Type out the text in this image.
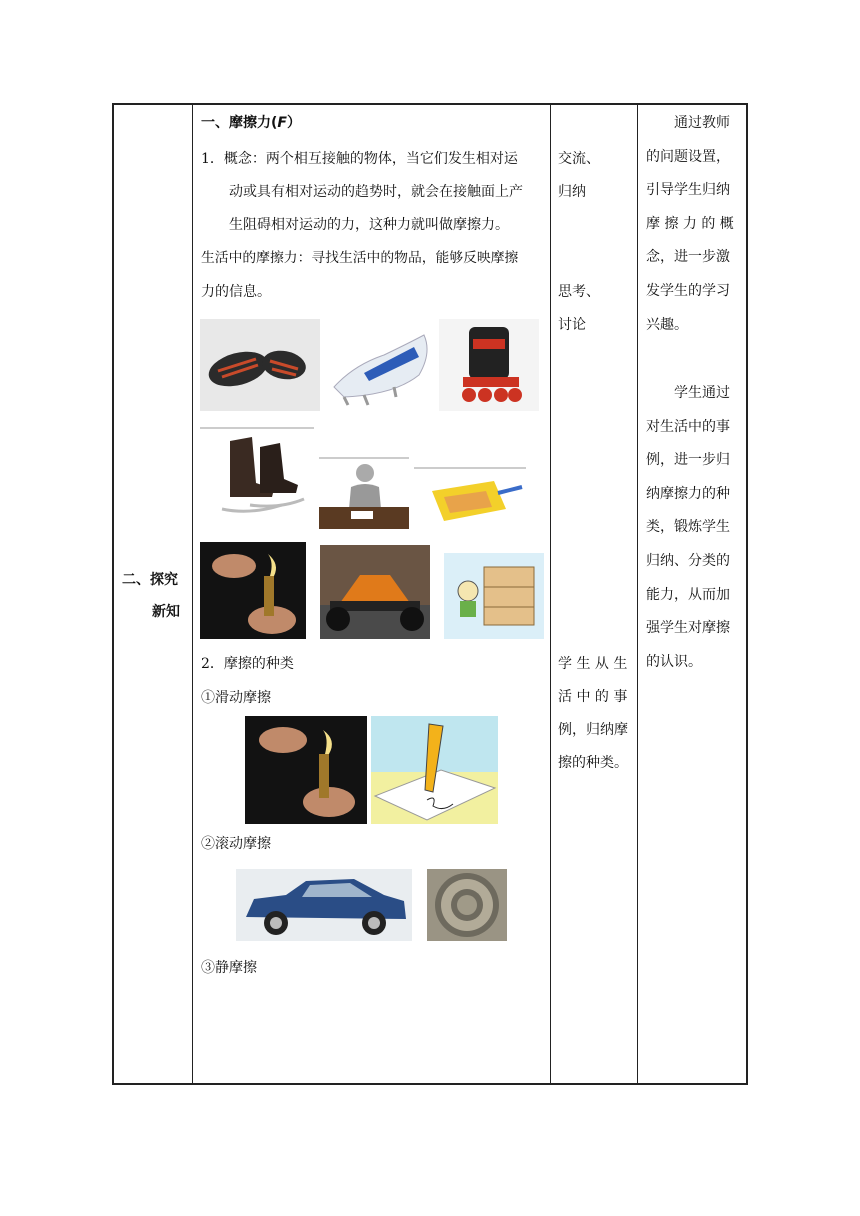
二、探究
新知
一、摩擦力(F）
1．概念：两个相互接触的物体，当它们发生相对运
动或具有相对运动的趋势时，就会在接触面上产
生阻碍相对运动的力，这种力就叫做摩擦力。
生活中的摩擦力：寻找生活中的物品，能够反映摩擦
力的信息。
2．摩擦的种类
①滑动摩擦
②滚动摩擦
③静摩擦
交流、
归纳
思考、
讨论
学 生 从 生
活 中 的 事
例，归纳摩
擦的种类。
　　通过教师
的问题设置，
引导学生归纳
摩 擦 力 的 概
念，进一步激
发学生的学习
兴趣。
　　学生通过
对生活中的事
例，进一步归
纳摩擦力的种
类，锻炼学生
归纳、分类的
能力，从而加
强学生对摩擦
的认识。
